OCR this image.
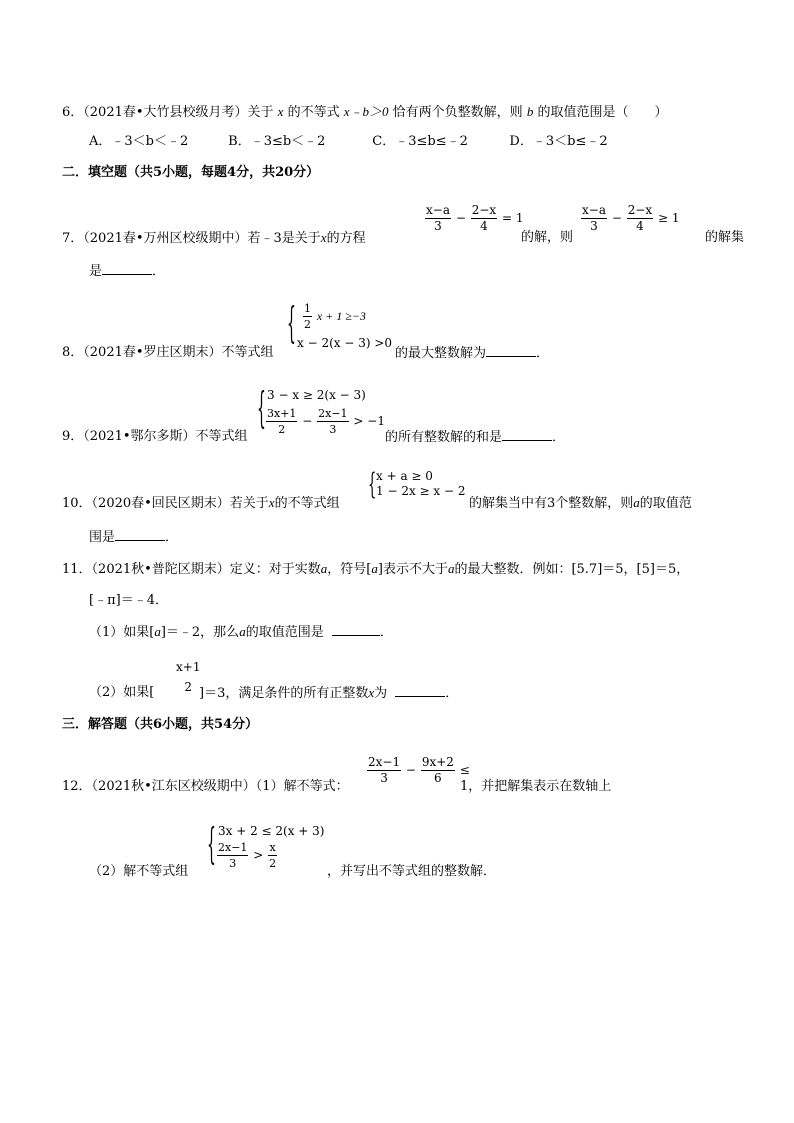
6．（2021春•大竹县校级月考）关于 x 的不等式 x﹣b＞0 恰有两个负整数解，则 b 的取值范围是（　　）
A．﹣3＜b＜﹣2	B．﹣3≤b＜﹣2	C．﹣3≤b≤﹣2	D．﹣3＜b≤﹣2
二．填空题（共5小题，每题4分，共20分）
7．（2021春•万州区校级期中）若﹣3是关于x的方程
$\frac{x-a}{3} - \frac{2-x}{4} = 1$
的解，则
$\frac{x-a}{3} - \frac{2-x}{4} \ge 1$
的解集
是	．
{ $\frac{1}{2}$ x + 1 ≥−3
x − 2(x − 3) >0
8．（2021春•罗庄区期末）不等式组	的最大整数解为	．
{ 3 − x ≥ 2(x − 3)
$\frac{3x+1}{2} - \frac{2x-1}{3} > -1$
9．（2021•鄂尔多斯）不等式组	的所有整数解的和是	．
{ x + a ≥ 0
1 − 2x ≥ x − 2
10．（2020春•回民区期末）若关于x的不等式组	的解集当中有3个整数解，则a的取值范
围是	．
11．（2021秋•普陀区期末）定义：对于实数a，符号[a]表示不大于a的最大整数．例如：[5.7]＝5，[5]＝5，
[﹣π]＝﹣4．
（1）如果[a]＝﹣2，那么a的取值范围是	．
（2）如果[
x+1
2 ]＝3，满足条件的所有正整数x为	．
三．解答题（共6小题，共54分）
$\frac{2x-1}{3} - \frac{9x+2}{6}$ ≤
12．（2021秋•江东区校级期中）（1）解不等式：	1，并把解集表示在数轴上
{ 3x + 2 ≤ 2(x + 3)
$\frac{2x-1}{3} > \frac{x}{2}$
（2）解不等式组	，并写出不等式组的整数解．
